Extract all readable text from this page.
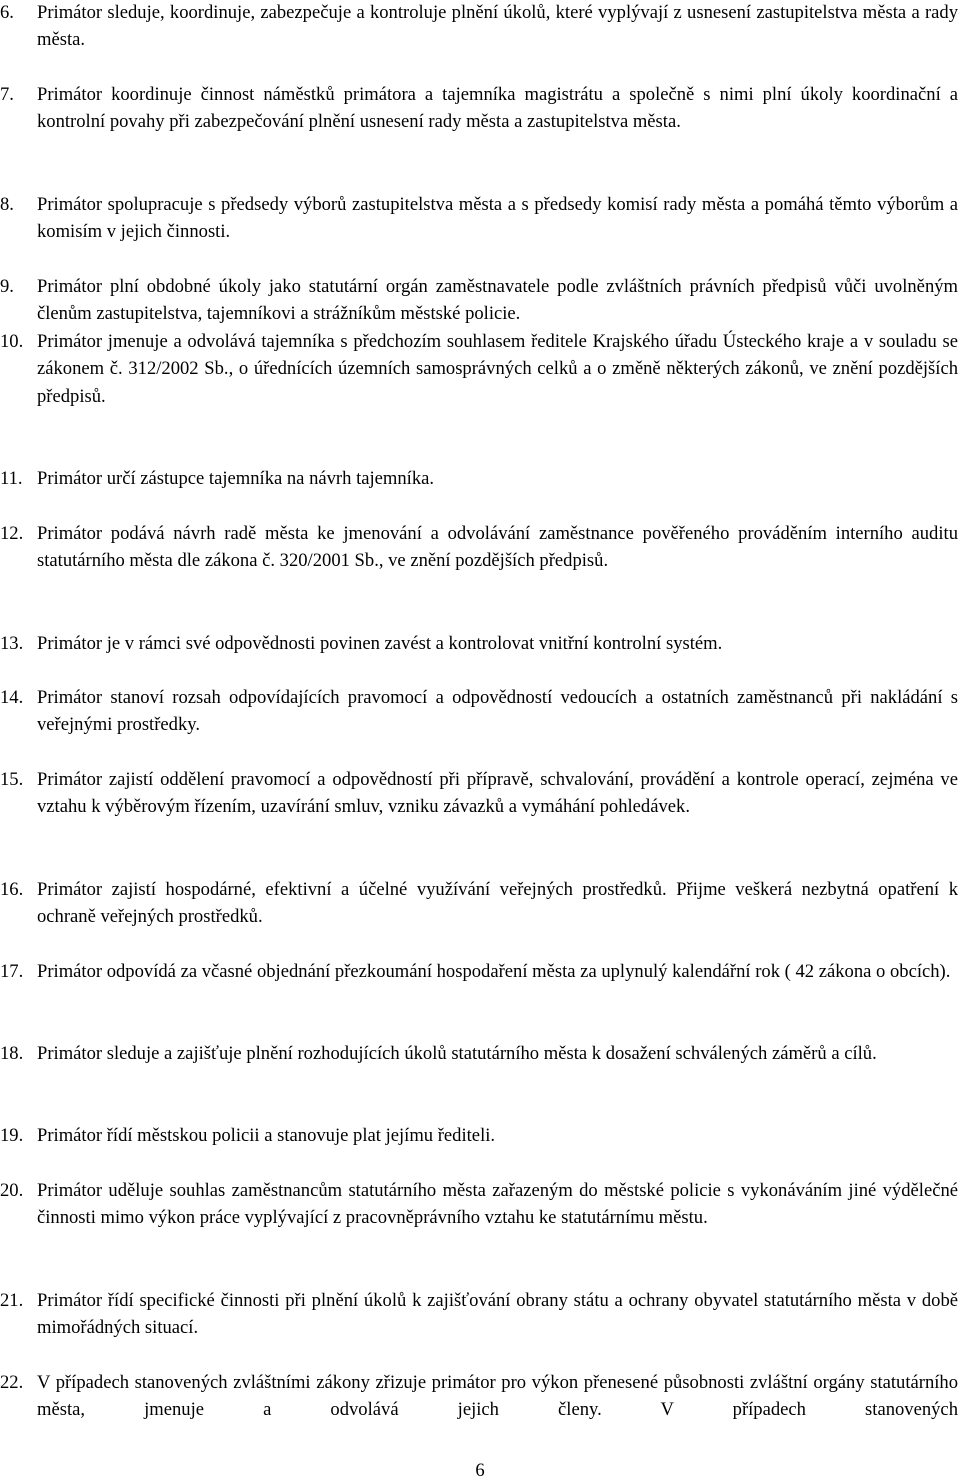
6. Primátor sleduje, koordinuje, zabezpečuje a kontroluje plnění úkolů, které vyplývají z usnesení zastupitelstva města a rady města.
7. Primátor koordinuje činnost náměstků primátora a tajemníka magistrátu a společně s nimi plní úkoly koordinační a kontrolní povahy při zabezpečování plnění usnesení rady města a zastupitelstva města.
8. Primátor spolupracuje s předsedy výborů zastupitelstva města a s předsedy komisí rady města a pomáhá těmto výborům a komisím v jejich činnosti.
9. Primátor plní obdobné úkoly jako statutární orgán zaměstnavatele podle zvláštních právních předpisů vůči uvolněným členům zastupitelstva, tajemníkovi a strážníkům městské policie.
10. Primátor jmenuje a odvolává tajemníka s předchozím souhlasem ředitele Krajského úřadu Ústeckého kraje a v souladu se zákonem č. 312/2002 Sb., o úřednících územních samosprávných celků a o změně některých zákonů, ve znění pozdějších předpisů.
11. Primátor určí zástupce tajemníka na návrh tajemníka.
12. Primátor podává návrh radě města ke jmenování a odvolávání zaměstnance pověřeného prováděním interního auditu statutárního města dle zákona č. 320/2001 Sb., ve znění pozdějších předpisů.
13. Primátor je v rámci své odpovědnosti povinen zavést a kontrolovat vnitřní kontrolní systém.
14. Primátor stanoví rozsah odpovídajících pravomocí a odpovědností vedoucích a ostatních zaměstnanců při nakládání s veřejnými prostředky.
15. Primátor zajistí oddělení pravomocí a odpovědností při přípravě, schvalování, provádění a kontrole operací, zejména ve vztahu k výběrovým řízením, uzavírání smluv, vzniku závazků a vymáhání pohledávek.
16. Primátor zajistí hospodárné, efektivní a účelné využívání veřejných prostředků. Přijme veškerá nezbytná opatření k ochraně veřejných prostředků.
17. Primátor odpovídá za včasné objednání přezkoumání hospodaření města za uplynulý kalendářní rok ( 42 zákona o obcích).
18. Primátor sleduje a zajišťuje plnění rozhodujících úkolů statutárního města k dosažení schválených záměrů a cílů.
19. Primátor řídí městskou policii a stanovuje plat jejímu řediteli.
20. Primátor uděluje souhlas zaměstnancům statutárního města zařazeným do městské policie s vykonáváním jiné výdělečné činnosti mimo výkon práce vyplývající z pracovněprávního vztahu ke statutárnímu městu.
21. Primátor řídí specifické činnosti při plnění úkolů k zajišťování obrany státu a ochrany obyvatel statutárního města v době mimořádných situací.
22. V případech stanovených zvláštními zákony zřizuje primátor pro výkon přenesené působnosti zvláštní orgány statutárního města, jmenuje a odvolává jejich členy. V případech stanovených
6
